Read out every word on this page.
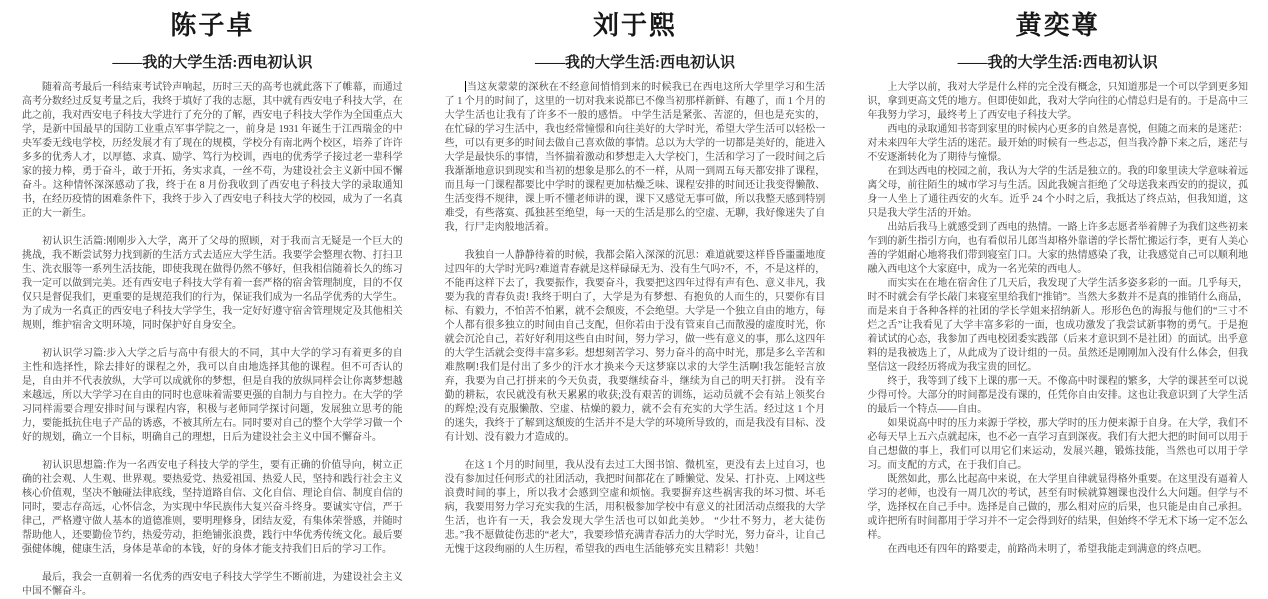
陈子卓
——我的大学生活:西电初认识

随着高考最后一科结束考试铃声响起，历时三天的高考也就此落下了帷幕，而通过高考分数经过反复考量之后，我终于填好了我的志愿，其中就有西安电子科技大学，在此之前，我对西安电子科技大学进行了充分的了解，西安电子科技大学作为全国重点大学，是新中国最早的国防工业重点军事学院之一，前身是 1931 年诞生于江西瑞金的中央军委无线电学校，历经发展才有了现在的规模，学校分有南北两个校区，培养了许许多多的优秀人才，以厚德、求真、励学、笃行为校训，西电的优秀学子接过老一辈科学家的接力棒，勇于奋斗，敢于开拓，务实求真，一丝不苟，为建设社会主义新中国不懈奋斗。这种情怀深深感动了我，终于在 8 月份我收到了西安电子科技大学的录取通知书，在经历疫情的困难条件下，我终于步入了西安电子科技大学的校园，成为了一名真正的大一新生。

初认识生活篇:刚刚步入大学，离开了父母的照顾，对于我而言无疑是一个巨大的挑战，我不断尝试努力找到新的生活方式去适应大学生活。我要学会整理衣物、打扫卫生、洗衣服等一系列生活技能，即使我现在做得仍然不够好，但我相信随着长久的练习我一定可以做到完美。还有西安电子科技大学有着一套严格的宿舍管理制度，目的不仅仅只是督促我们，更重要的是规范我们的行为，保证我们成为一名品学优秀的大学生。为了成为一名真正的西安电子科技大学学生，我一定好好遵守宿舍管理规定及其他相关规则，维护宿舍文明环境，同时保护好自身安全。

初认识学习篇:步入大学之后与高中有很大的不同，其中大学的学习有着更多的自主性和选择性，除去排好的课程之外，我可以自由地选择其他的课程。但不可否认的是，自由并不代表放纵，大学可以成就你的梦想，但是自我的放纵同样会让你离梦想越来越远，所以大学学习在自由的同时也意味着需要更强的自制力与自控力。在大学的学习同样需要合理安排时间与课程内容，积极与老师同学探讨问题，发展独立思考的能力，要能抵抗住电子产品的诱惑，不被其所左右。同时要对自己的整个大学学习做一个好的规划，确立一个目标，明确自己的理想，日后为建设社会主义中国不懈奋斗。

初认识思想篇:作为一名西安电子科技大学的学生，要有正确的价值导向，树立正确的社会观、人生观、世界观。要热爱党、热爱祖国、热爱人民，坚持和践行社会主义核心价值观，坚决不触碰法律底线，坚持道路自信、文化自信、理论自信、制度自信的同时，要志存高远，心怀信念，为实现中华民族伟大复兴奋斗终身。要诚实守信，严于律己，严格遵守做人基本的道德准则，要明理修身，团结友爱，有集体荣誉感，并随时帮助他人，还要勤俭节约，热爱劳动，拒绝铺张浪费，践行中华优秀传统文化。最后要强健体魄，健康生活，身体是革命的本钱，好的身体才能支持我们日后的学习工作。

最后，我会一直朝着一名优秀的西安电子科技大学学生不断前进，为建设社会主义中国不懈奋斗。

刘于熙
——我的大学生活:西电初认识

当这灰蒙蒙的深秋在不经意间悄悄到来的时候我已在西电这所大学里学习和生活了 1 个月的时间了，这里的一切对我来说都已不像当初那样新鲜、有趣了，而 1 个月的大学生活也让我有了许多不一般的感悟。 中学生活是紧张、苦涩的，但也是充实的，在忙碌的学习生活中，我也经常憧憬和向往美好的大学时光，希望大学生活可以轻松一些，可以有更多的时间去做自己喜欢做的事情。总以为大学的一切都是美好的，能进入大学是最快乐的事情，当怀揣着激动和梦想走入大学校门，生活和学习了一段时间之后我渐渐地意识到现实和当初的想象是那么的不一样，从周一到周五每天都安排了课程，而且每一门课程都要比中学时的课程更加枯燥乏味、课程安排的时间还让我变得懒散、生活变得不规律，课上听不懂老师讲的课，课下又感觉无事可做，所以我整天感到特别难受，有些落寞、孤独甚至绝望，每一天的生活是那么的空虚、无聊，我好像迷失了自我，行尸走肉般地活着。

我独自一人静静待着的时候，我都会陷入深深的沉思：难道就要这样昏昏噩噩地度过四年的大学时光吗?难道青春就是这样碌碌无为、没有生气吗?不，不，不是这样的，不能再这样下去了，我要振作，我要奋斗，我要把这四年过得有声有色、意义非凡，我要为我的青春负责! 我终于明白了，大学是为有梦想、有抱负的人而生的，只要你有目标、有毅力，不怕苦不怕累，就不会颓废，不会绝望。大学是一个独立自由的地方，每个人都有很多独立的时间由自己支配，但你若由于没有管束自己而散漫的虚度时光，你就会沉沦自己，若好好利用这些自由时间，努力学习，做一些有意义的事，那么这四年的大学生活就会变得丰富多彩。想想刻苦学习、努力奋斗的高中时光，那是多么辛苦和难熬啊!我们是付出了多少的汗水才换来今天这梦寐以求的大学生活啊!我怎能轻言放弃，我要为自己打拼来的今天负责，我要继续奋斗，继续为自己的明天打拼。 没有辛勤的耕耘，农民就没有秋天累累的收获;没有艰苦的训练，运动员就不会有站上领奖台的辉煌;没有克服懒散、空虚、枯燥的毅力，就不会有充实的大学生活。经过这 1 个月的迷失，我终于了解到这颓废的生活并不是大学的环境所导致的，而是我没有目标、没有计划、没有毅力才造成的。

在这 1 个月的时间里，我从没有去过工大图书馆、微机室，更没有去上过自习，也没有参加过任何形式的社团活动，我把时间都花在了睡懒觉、发呆、打扑克、上网这些浪费时间的事上，所以我才会感到空虚和烦恼。我要摒弃这些祸害我的坏习惯、坏毛病，我要用努力学习充实我的生活，用积极参加学校中有意义的社团活动点缀我的大学生活，也许有一天，我会发现大学生活也可以如此美妙。 “少壮不努力，老大徒伤悲。”我不愿做徒伤悲的“老大”，我要珍惜充满青春活力的大学时光，努力奋斗，让自己无愧于这段绚丽的人生历程，希望我的西电生活能够充实且精彩！共勉！

黄奕尊
——我的大学生活:西电初认识

上大学以前，我对大学是什么样的完全没有概念，只知道那是一个可以学到更多知识，拿到更高文凭的地方。但即使如此，我对大学向往的心情总归是有的。于是高中三年我努力学习，最终考上了西安电子科技大学。

西电的录取通知书寄到家里的时候内心更多的自然是喜悦，但随之而来的是迷茫：对未来四年大学生活的迷茫。最开始的时候有一些忐忑，但当我冷静下来之后，迷茫与不安逐渐转化为了期待与憧憬。

在到达西电的校园之前，我认为大学的生活是独立的。我的印象里读大学意味着远离父母，前往陌生的城市学习与生活。因此我婉言拒绝了父母送我来西安的的提议，孤身一人坐上了通往西安的火车。近乎 24 个小时之后，我抵达了终点站，但我知道，这只是我大学生活的开始。

出站后我马上就感受到了西电的热情。一路上许多志愿者举着牌子为我们这些初来乍到的新生指引方向，也有看似吊儿郎当却格外靠谱的学长帮忙搬运行李，更有人美心善的学姐耐心地将我们带到寝室门口。大家的热情感染了我，让我感觉自己可以顺利地融入西电这个大家庭中，成为一名光荣的西电人。

而实实在在地在宿舍住了几天后，我发现了大学生活多姿多彩的一面。几乎每天，时不时就会有学长敲门来寝室里给我们“推销”。当然大多数并不是真的推销什么商品，而是来自于各种各样的社团的学长学姐来招纳新人。形形色色的海报与他们的“三寸不烂之舌”让我看见了大学丰富多彩的一面，也成功激发了我尝试新事物的勇气。于是抱着试试的心态，我参加了西电校团委实践部（后来才意识到不是社团）的面试。出乎意料的是我被选上了，从此成为了设计组的一员。虽然还是刚刚加入没有什么体会，但我坚信这一段经历将成为我宝贵的回忆。

终于，我等到了线下上课的那一天。不像高中时课程的繁多，大学的课甚至可以说少得可怜。大部分的时间都是没有课的，任凭你自由安排。这也让我意识到了大学生活的最后一个特点——自由。

如果说高中时的压力来源于学校，那大学时的压力便来源于自身。在大学，我们不必每天早上五六点就起床，也不必一直学习直到深夜。我们有大把大把的时间可以用于自己想做的事上，我们可以用它们来运动，发展兴趣，锻炼技能，当然也可以用于学习。而支配的方式，在于我们自己。

既然如此，那么比起高中来说，在大学里自律就显得格外重要。在这里没有逼着人学习的老师，也没有一周几次的考试，甚至有时候就算翘课也没什么大问题。但学与不学，选择权在自己手中。选择是自己做的，那么相对应的后果，也只能是由自己承担。或许把所有时间都用于学习并不一定会得到好的结果，但始终不学无术下场一定不怎么样。

在西电还有四年的路要走，前路尚未明了，希望我能走到满意的终点吧。
